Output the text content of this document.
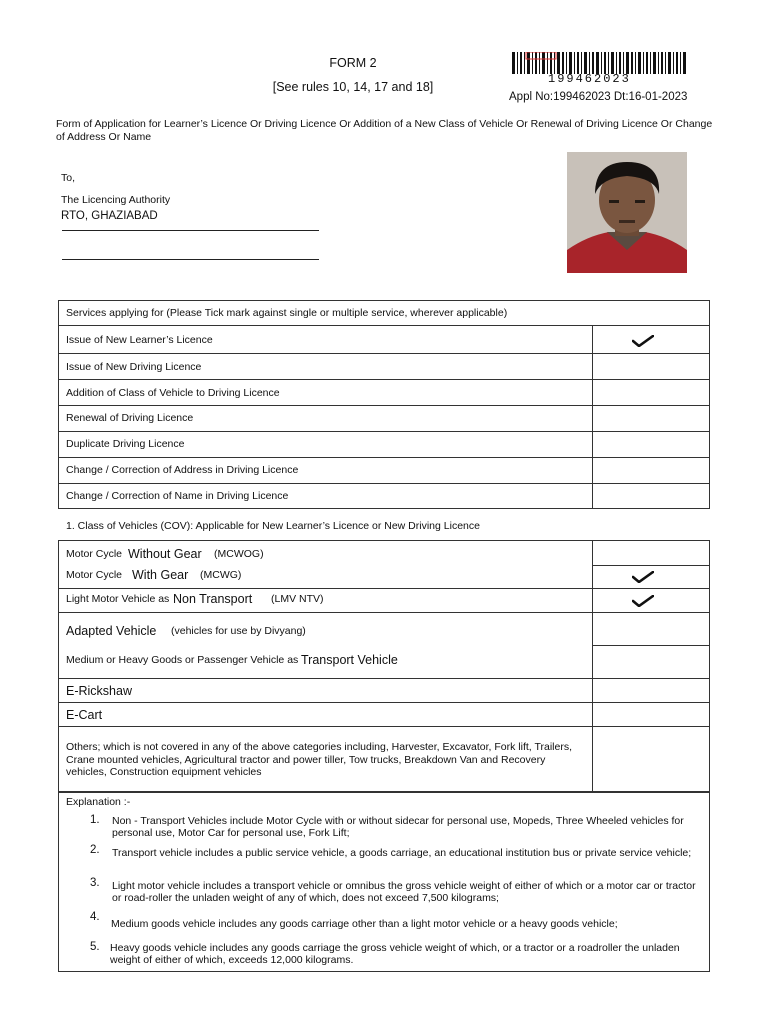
FORM 2
[See rules 10, 14, 17 and 18]
199462023
Appl No:199462023 Dt:16-01-2023
Form of Application for Learner’s Licence Or Driving Licence Or Addition of a New Class of Vehicle Or Renewal of Driving Licence Or Change of Address Or Name
To,
The Licencing Authority
RTO, GHAZIABAD
Services applying for (Please Tick mark against single or multiple service, wherever applicable)
Issue of New Learner’s Licence
Issue of New Driving Licence
Addition of Class of Vehicle to Driving Licence
Renewal of Driving Licence
Duplicate Driving Licence
Change / Correction of Address in Driving Licence
Change / Correction of Name in Driving Licence
1. Class of Vehicles (COV): Applicable for New Learner’s Licence or New Driving Licence
Motor Cycle Without Gear (MCWOG)
Motor Cycle With Gear (MCWG)
Light Motor Vehicle as Non Transport (LMV NTV)
Adapted Vehicle (vehicles for use by Divyang)
Medium or Heavy Goods or Passenger Vehicle as Transport Vehicle
E-Rickshaw
E-Cart
Others; which is not covered in any of the above categories including, Harvester, Excavator, Fork lift, Trailers, Crane mounted vehicles, Agricultural tractor and power tiller, Tow trucks, Breakdown Van and Recovery vehicles, Construction equipment vehicles
Explanation :-
1. Non - Transport Vehicles include Motor Cycle with or without sidecar for personal use, Mopeds, Three Wheeled vehicles for personal use, Motor Car for personal use, Fork Lift;
2. Transport vehicle includes a public service vehicle, a goods carriage, an educational institution bus or private service vehicle;
3. Light motor vehicle includes a transport vehicle or omnibus the gross vehicle weight of either of which or a motor car or tractor or road-roller the unladen weight of any of which, does not exceed 7,500 kilograms;
4.
Medium goods vehicle includes any goods carriage other than a light motor vehicle or a heavy goods vehicle;
5. Heavy goods vehicle includes any goods carriage the gross vehicle weight of which, or a tractor or a roadroller the unladen weight of either of which, exceeds 12,000 kilograms.
